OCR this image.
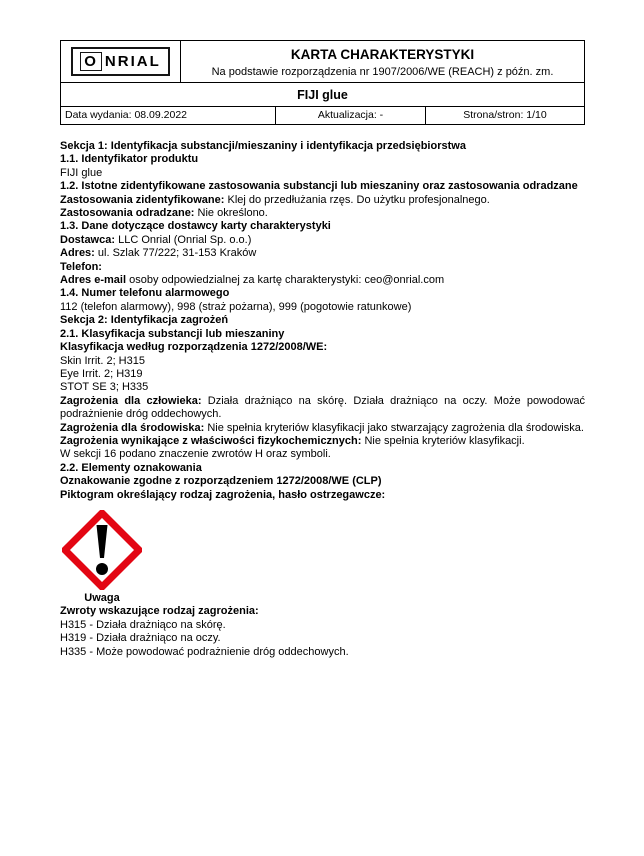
O NRIAL	KARTA CHARAKTERYSTYKI
Na podstawie rozporządzenia nr 1907/2006/WE (REACH) z późn. zm.
FIJI glue
Data wydania: 08.09.2022	Aktualizacja: -	Strona/stron: 1/10

Sekcja 1: Identyfikacja substancji/mieszaniny i identyfikacja przedsiębiorstwa

1.1. Identyfikator produktu

FIJI glue

1.2. Istotne zidentyfikowane zastosowania substancji lub mieszaniny oraz zastosowania odradzane

Zastosowania zidentyfikowane: Klej do przedłużania rzęs. Do użytku profesjonalnego.

Zastosowania odradzane: Nie określono.

1.3. Dane dotyczące dostawcy karty charakterystyki

Dostawca: LLC Onrial (Onrial Sp. o.o.)

Adres: ul. Szlak 77/222; 31-153 Kraków

Telefon:

Adres e-mail osoby odpowiedzialnej za kartę charakterystyki: ceo@onrial.com

1.4. Numer telefonu alarmowego

112 (telefon alarmowy), 998 (straż pożarna), 999 (pogotowie ratunkowe)

Sekcja 2: Identyfikacja zagrożeń

2.1. Klasyfikacja substancji lub mieszaniny

Klasyfikacja według rozporządzenia 1272/2008/WE:

Skin Irrit. 2; H315

Eye Irrit. 2; H319

STOT SE 3; H335

Zagrożenia dla człowieka: Działa drażniąco na skórę. Działa drażniąco na oczy. Może powodować podrażnienie dróg oddechowych.

Zagrożenia dla środowiska: Nie spełnia kryteriów klasyfikacji jako stwarzający zagrożenia dla środowiska.

Zagrożenia wynikające z właściwości fizykochemicznych: Nie spełnia kryteriów klasyfikacji.

W sekcji 16 podano znaczenie zwrotów H oraz symboli.

2.2. Elementy oznakowania

Oznakowanie zgodne z rozporządzeniem 1272/2008/WE (CLP)

Piktogram określający rodzaj zagrożenia, hasło ostrzegawcze:

Uwaga

Zwroty wskazujące rodzaj zagrożenia:

H315 - Działa drażniąco na skórę.

H319 - Działa drażniąco na oczy.

H335 - Może powodować podrażnienie dróg oddechowych.
